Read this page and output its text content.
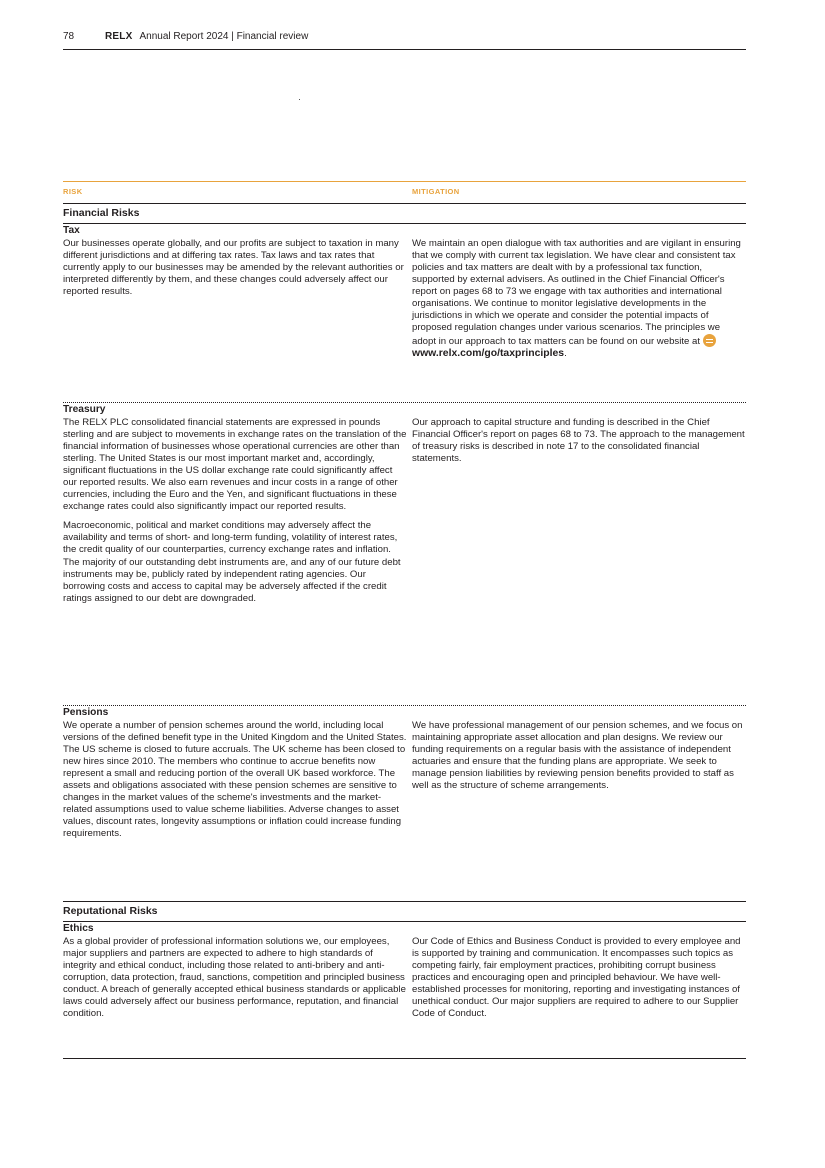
78	RELX Annual Report 2024 | Financial review
RISK	MITIGATION
Financial Risks
Tax

Our businesses operate globally, and our profits are subject to taxation in many different jurisdictions and at differing tax rates. Tax laws and tax rates that currently apply to our businesses may be amended by the relevant authorities or interpreted differently by them, and these changes could adversely affect our reported results.

We maintain an open dialogue with tax authorities and are vigilant in ensuring that we comply with current tax legislation. We have clear and consistent tax policies and tax matters are dealt with by a professional tax function, supported by external advisers. As outlined in the Chief Financial Officer's report on pages 68 to 73 we engage with tax authorities and international organisations. We continue to monitor legislative developments in the jurisdictions in which we operate and consider the potential impacts of proposed regulation changes under various scenarios. The principles we adopt in our approach to tax matters can be found on our website at www.relx.com/go/taxprinciples.

Treasury

The RELX PLC consolidated financial statements are expressed in pounds sterling and are subject to movements in exchange rates on the translation of the financial information of businesses whose operational currencies are other than sterling. The United States is our most important market and, accordingly, significant fluctuations in the US dollar exchange rate could significantly affect our reported results. We also earn revenues and incur costs in a range of other currencies, including the Euro and the Yen, and significant fluctuations in these exchange rates could also significantly impact our reported results.

Macroeconomic, political and market conditions may adversely affect the availability and terms of short- and long-term funding, volatility of interest rates, the credit quality of our counterparties, currency exchange rates and inflation. The majority of our outstanding debt instruments are, and any of our future debt instruments may be, publicly rated by independent rating agencies. Our borrowing costs and access to capital may be adversely affected if the credit ratings assigned to our debt are downgraded.

Our approach to capital structure and funding is described in the Chief Financial Officer's report on pages 68 to 73. The approach to the management of treasury risks is described in note 17 to the consolidated financial statements.

Pensions

We operate a number of pension schemes around the world, including local versions of the defined benefit type in the United Kingdom and the United States. The US scheme is closed to future accruals. The UK scheme has been closed to new hires since 2010. The members who continue to accrue benefits now represent a small and reducing portion of the overall UK based workforce. The assets and obligations associated with these pension schemes are sensitive to changes in the market values of the scheme's investments and the market-related assumptions used to value scheme liabilities. Adverse changes to asset values, discount rates, longevity assumptions or inflation could increase funding requirements.

We have professional management of our pension schemes, and we focus on maintaining appropriate asset allocation and plan designs. We review our funding requirements on a regular basis with the assistance of independent actuaries and ensure that the funding plans are appropriate. We seek to manage pension liabilities by reviewing pension benefits provided to staff as well as the structure of scheme arrangements.

Reputational Risks
Ethics

As a global provider of professional information solutions we, our employees, major suppliers and partners are expected to adhere to high standards of integrity and ethical conduct, including those related to anti-bribery and anti-corruption, data protection, fraud, sanctions, competition and principled business conduct. A breach of generally accepted ethical business standards or applicable laws could adversely affect our business performance, reputation, and financial condition.

Our Code of Ethics and Business Conduct is provided to every employee and is supported by training and communication. It encompasses such topics as competing fairly, fair employment practices, prohibiting corrupt business practices and encouraging open and principled behaviour. We have well-established processes for monitoring, reporting and investigating instances of unethical conduct. Our major suppliers are required to adhere to our Supplier Code of Conduct.
